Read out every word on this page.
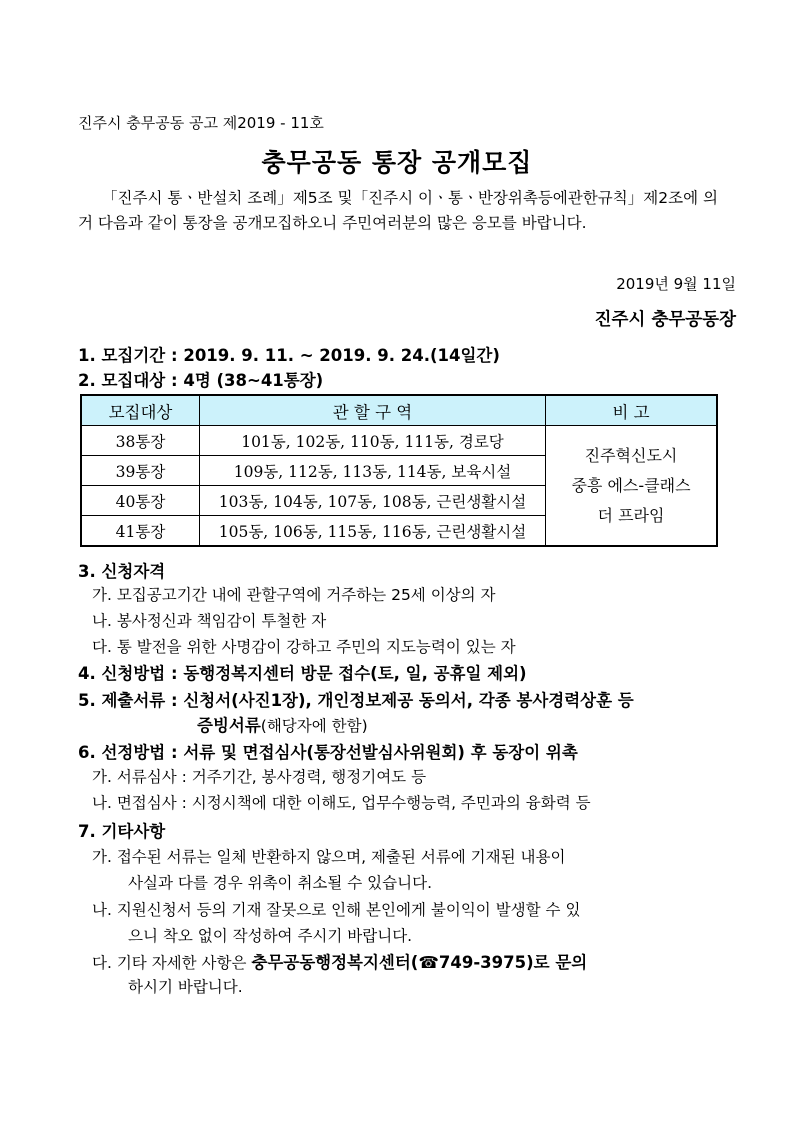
진주시 충무공동 공고 제2019 - 11호
충무공동 통장 공개모집
「진주시 통ㆍ반설치 조례」제5조 및「진주시 이ㆍ통ㆍ반장위촉등에관한규칙」제2조에 의거 다음과 같이 통장을 공개모집하오니 주민여러분의 많은 응모를 바랍니다.
2019년 9월 11일
진주시 충무공동장
1. 모집기간 : 2019. 9. 11. ~ 2019. 9. 24.(14일간)
2. 모집대상 : 4명 (38~41통장)
모집대상	관 할 구 역	비 고
38통장	101동, 102동, 110동, 111동, 경로당	진주혁신도시
중흥 에스-클래스
더 프라임

39통장	109동, 112동, 113동, 114동, 보육시설	
40통장	103동, 104동, 107동, 108동, 근린생활시설	
41통장	105동, 106동, 115동, 116동, 근린생활시설	
3. 신청자격
가. 모집공고기간 내에 관할구역에 거주하는 25세 이상의 자
나. 봉사정신과 책임감이 투철한 자
다. 통 발전을 위한 사명감이 강하고 주민의 지도능력이 있는 자
4. 신청방법 : 동행정복지센터 방문 접수(토, 일, 공휴일 제외)
5. 제출서류 : 신청서(사진1장), 개인정보제공 동의서, 각종 봉사경력상훈 등
증빙서류(해당자에 한함)
6. 선정방법 : 서류 및 면접심사(통장선발심사위원회) 후 동장이 위촉
가. 서류심사 : 거주기간, 봉사경력, 행정기여도 등
나. 면접심사 : 시정시책에 대한 이해도, 업무수행능력, 주민과의 융화력 등
7. 기타사항
가. 접수된 서류는 일체 반환하지 않으며, 제출된 서류에 기재된 내용이
사실과 다를 경우 위촉이 취소될 수 있습니다.
나. 지원신청서 등의 기재 잘못으로 인해 본인에게 불이익이 발생할 수 있
으니 착오 없이 작성하여 주시기 바랍니다.
다. 기타 자세한 사항은 충무공동행정복지센터(☎749-3975)로 문의
하시기 바랍니다.
